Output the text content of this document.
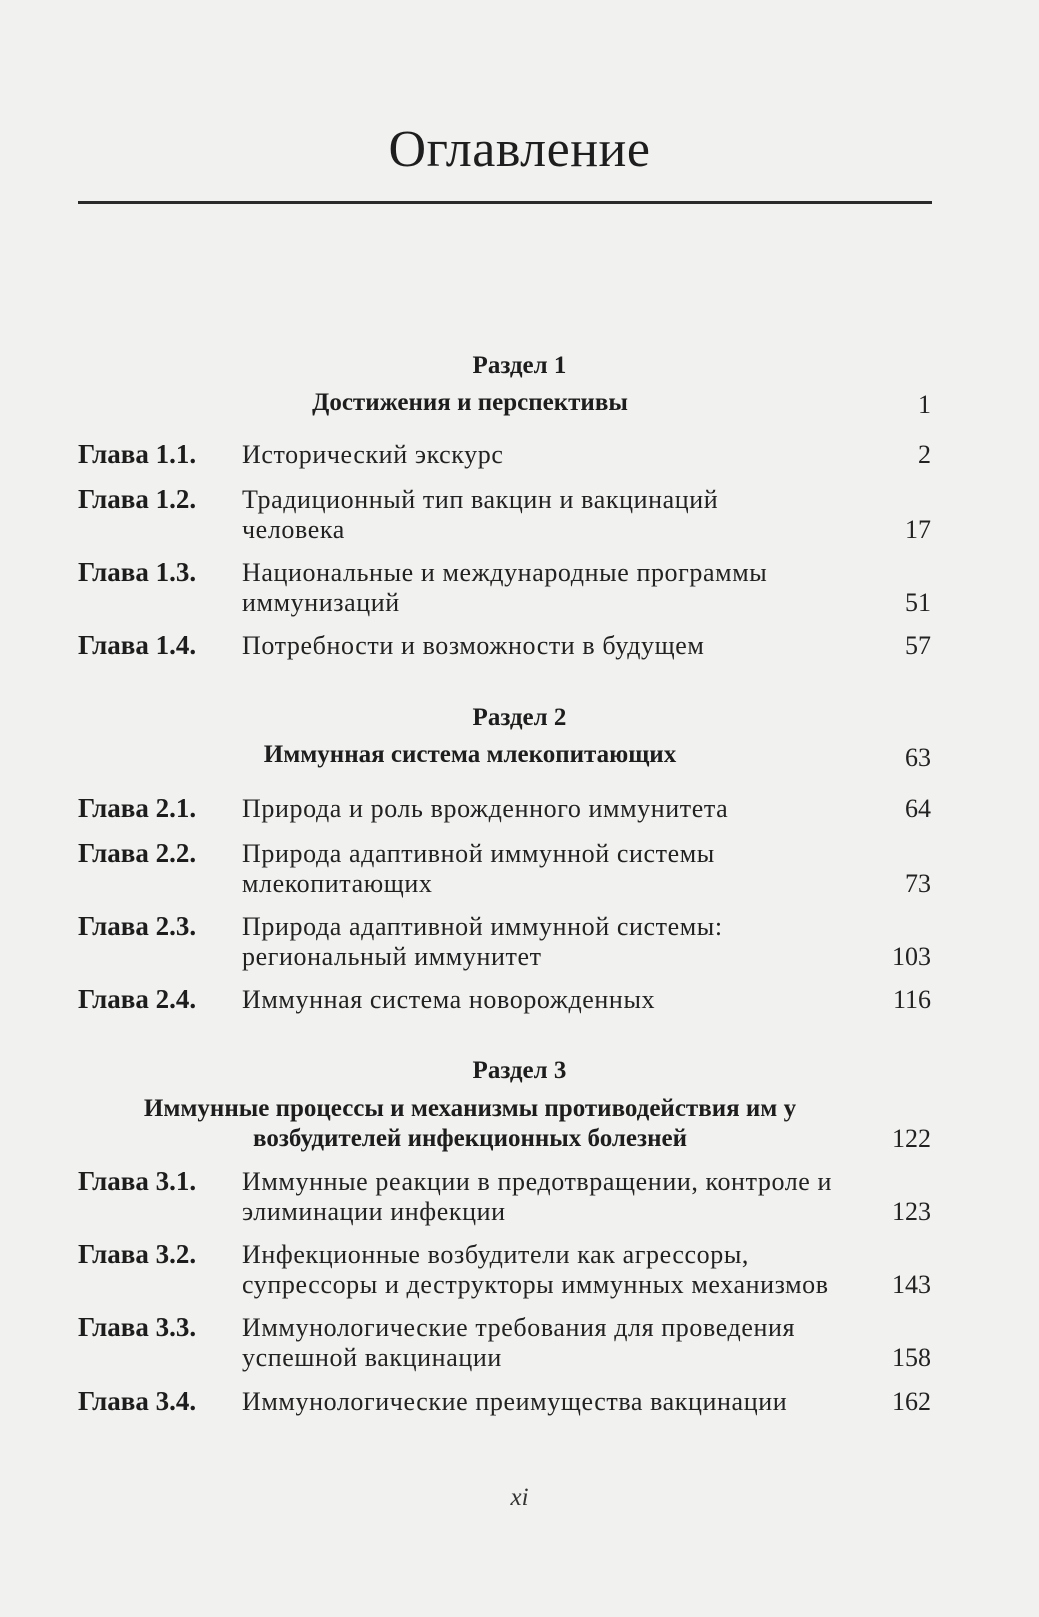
Оглавление
Раздел 1
Достижения и перспективы	1
Глава 1.1. Исторический экскурс	2
Глава 1.2. Традиционный тип вакцин и вакцинаций человека	17
Глава 1.3. Национальные и международные программы иммунизаций	51
Глава 1.4. Потребности и возможности в будущем	57
Раздел 2
Иммунная система млекопитающих	63
Глава 2.1. Природа и роль врожденного иммунитета	64
Глава 2.2. Природа адаптивной иммунной системы млекопитающих	73
Глава 2.3. Природа адаптивной иммунной системы: региональный иммунитет	103
Глава 2.4. Иммунная система новорожденных	116
Раздел 3
Иммунные процессы и механизмы противодействия им у возбудителей инфекционных болезней	122
Глава 3.1. Иммунные реакции в предотвращении, контроле и элиминации инфекции	123
Глава 3.2. Инфекционные возбудители как агрессоры, супрессоры и деструкторы иммунных механизмов	143
Глава 3.3. Иммунологические требования для проведения успешной вакцинации	158
Глава 3.4. Иммунологические преимущества вакцинации	162
xi
